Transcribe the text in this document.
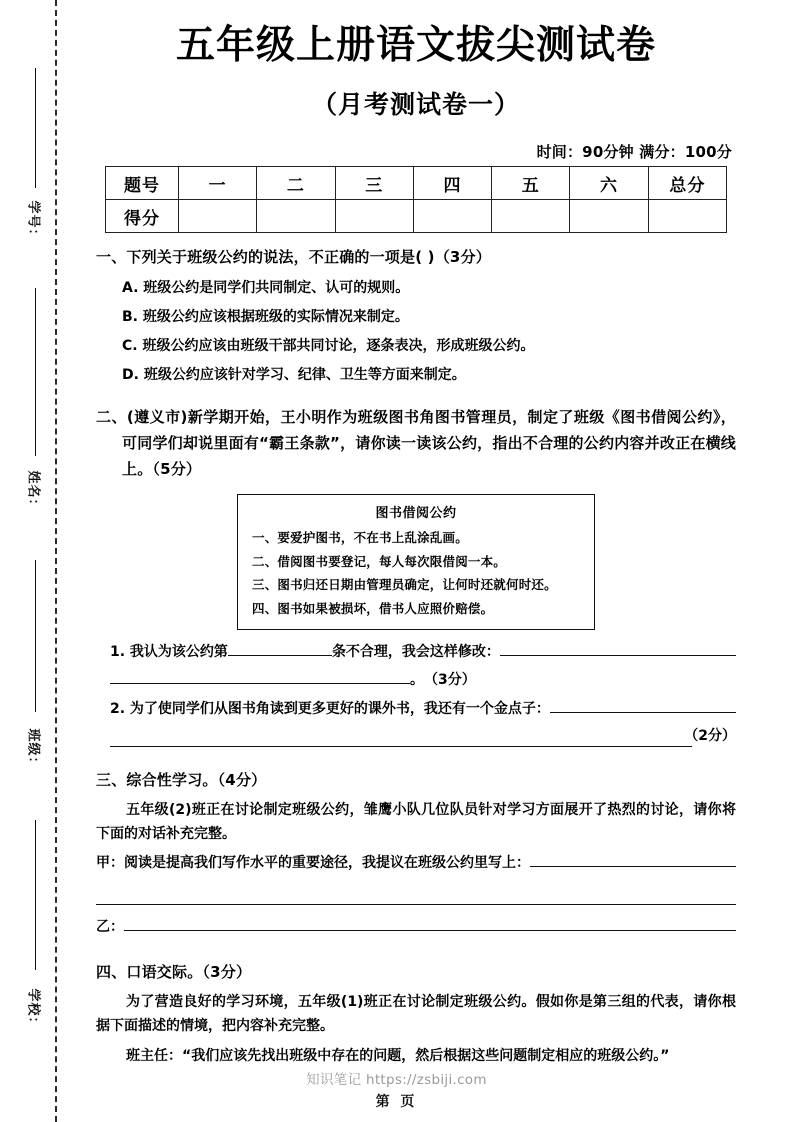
学号：
姓名：
班级：
学校：
五年级上册语文拔尖测试卷
（月考测试卷一）
时间：90分钟 满分：100分
题号	一	二	三	四	五	六	总分
得分							
一、下列关于班级公约的说法，不正确的一项是( )（3分）
A. 班级公约是同学们共同制定、认可的规则。
B. 班级公约应该根据班级的实际情况来制定。
C. 班级公约应该由班级干部共同讨论，逐条表决，形成班级公约。
D. 班级公约应该针对学习、纪律、卫生等方面来制定。
二、(遵义市)新学期开始，王小明作为班级图书角图书管理员，制定了班级《图书借阅公约》，可同学们却说里面有“霸王条款”，请你读一读该公约，指出不合理的公约内容并改正在横线上。（5分）
图书借阅公约
一、要爱护图书，不在书上乱涂乱画。
二、借阅图书要登记，每人每次限借阅一本。
三、图书归还日期由管理员确定，让何时还就何时还。
四、图书如果被损坏，借书人应照价赔偿。
1. 我认为该公约第	条不合理，我会这样修改：
。 （3分）
2. 为了使同学们从图书角读到更多更好的课外书，我还有一个金点子：
（2分）
三、综合性学习。（4分）
五年级(2)班正在讨论制定班级公约，雏鹰小队几位队员针对学习方面展开了热烈的讨论，请你将下面的对话补充完整。
甲： 阅读是提高我们写作水平的重要途径，我提议在班级公约里写上：
乙：
四、口语交际。（3分）
为了营造良好的学习环境，五年级(1)班正在讨论制定班级公约。假如你是第三组的代表，请你根据下面描述的情境，把内容补充完整。
班主任：“我们应该先找出班级中存在的问题，然后根据这些问题制定相应的班级公约。”
知识笔记 https://zsbiji.com
第 页
